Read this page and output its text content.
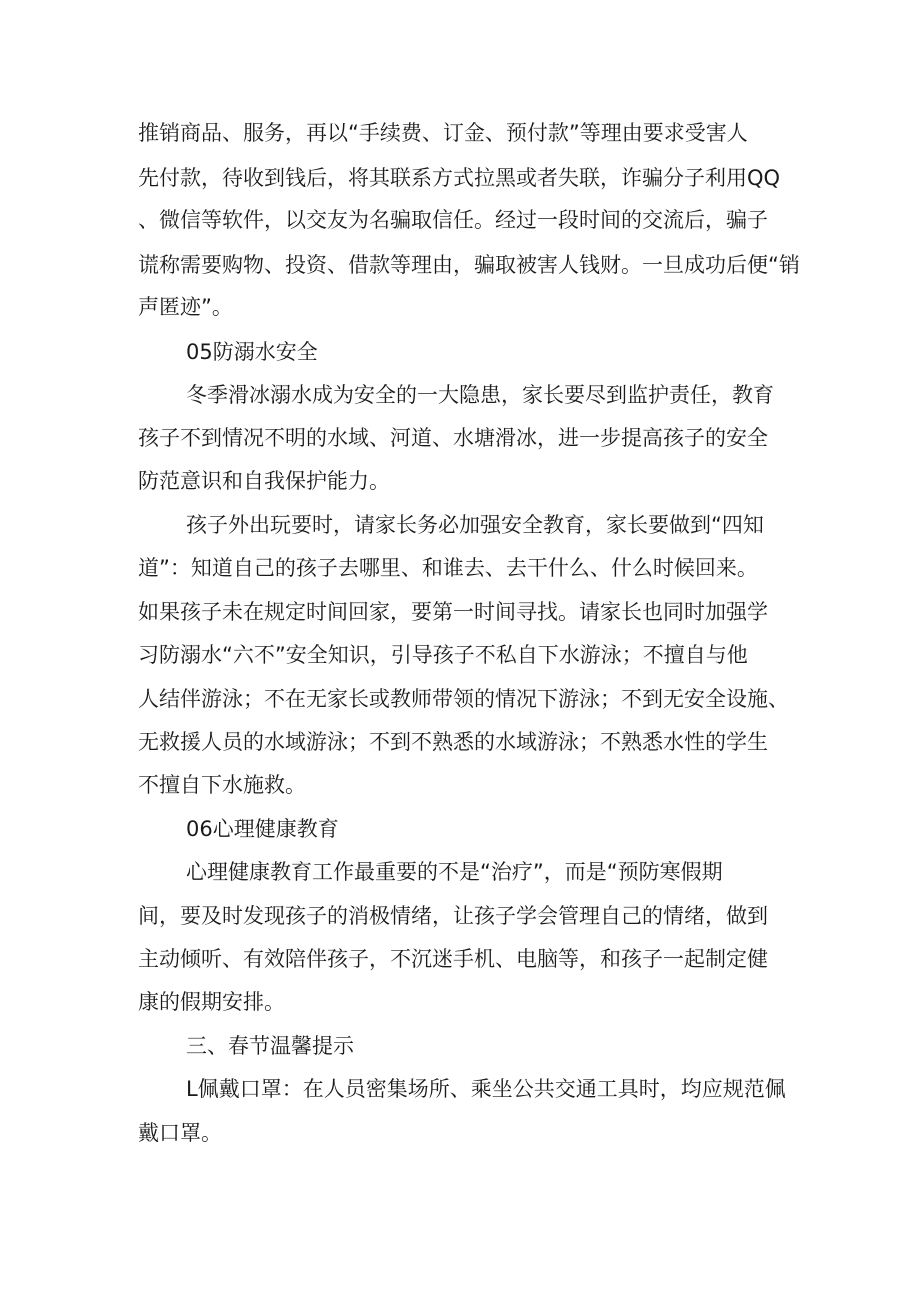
推销商品、服务，再以“手续费、订金、预付款”等理由要求受害人
先付款，待收到钱后，将其联系方式拉黑或者失联，诈骗分子利用QQ
、微信等软件，以交友为名骗取信任。经过一段时间的交流后，骗子
谎称需要购物、投资、借款等理由，骗取被害人钱财。一旦成功后便“销
声匿迹”。
05防溺水安全
冬季滑冰溺水成为安全的一大隐患，家长要尽到监护责任，教育
孩子不到情况不明的水域、河道、水塘滑冰，进一步提高孩子的安全
防范意识和自我保护能力。
孩子外出玩要时，请家长务必加强安全教育，家长要做到“四知
道”：知道自己的孩子去哪里、和谁去、去干什么、什么时候回来。
如果孩子未在规定时间回家，要第一时间寻找。请家长也同时加强学
习防溺水“六不”安全知识，引导孩子不私自下水游泳；不擅自与他
人结伴游泳；不在无家长或教师带领的情况下游泳；不到无安全设施、
无救援人员的水域游泳；不到不熟悉的水域游泳；不熟悉水性的学生
不擅自下水施救。
06心理健康教育
心理健康教育工作最重要的不是“治疗”，而是“预防寒假期
间，要及时发现孩子的消极情绪，让孩子学会管理自己的情绪，做到
主动倾听、有效陪伴孩子，不沉迷手机、电脑等，和孩子一起制定健
康的假期安排。
三、春节温馨提示
L佩戴口罩：在人员密集场所、乘坐公共交通工具时，均应规范佩
戴口罩。
